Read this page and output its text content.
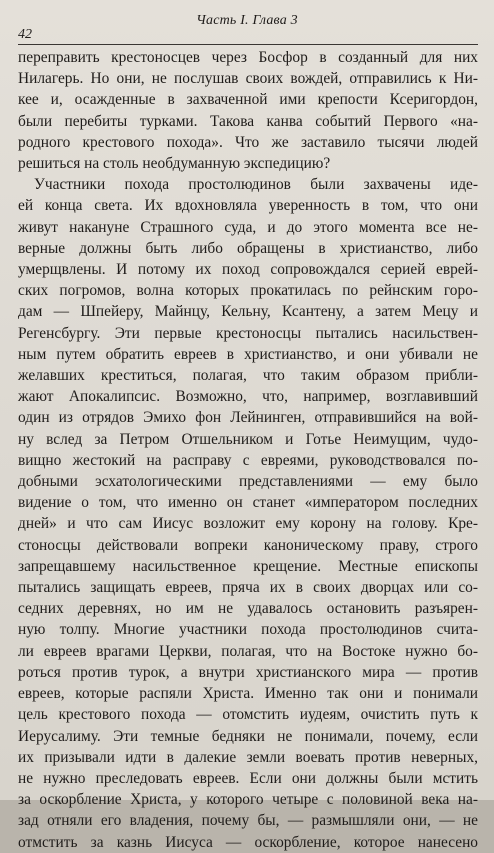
Часть I. Глава 3
42
переправить крестоносцев через Босфор в созданный для них
Нилагерь. Но они, не послушав своих вождей, отправились к Ни-
кее и, осажденные в захваченной ими крепости Ксеригордон,
были перебиты турками. Такова канва событий Первого «на-
родного крестового похода». Что же заставило тысячи людей
решиться на столь необдуманную экспедицию?
Участники похода простолюдинов были захвачены иде-
ей конца света. Их вдохновляла уверенность в том, что они
живут накануне Страшного суда, и до этого момента все не-
верные должны быть либо обращены в христианство, либо
умерщвлены. И потому их поход сопровождался серией еврей-
ских погромов, волна которых прокатилась по рейнским горо-
дам — Шпейеру, Майнцу, Кельну, Ксантену, а затем Мецу и
Регенсбургу. Эти первые крестоносцы пытались насильствен-
ным путем обратить евреев в христианство, и они убивали не
желавших креститься, полагая, что таким образом прибли-
жают Апокалипсис. Возможно, что, например, возглавивший
один из отрядов Эмихо фон Лейнинген, отправившийся на вой-
ну вслед за Петром Отшельником и Готье Неимущим, чудо-
вищно жестокий на расправу с евреями, руководствовался по-
добными эсхатологическими представлениями — ему было
видение о том, что именно он станет «императором последних
дней» и что сам Иисус возложит ему корону на голову. Кре-
стоносцы действовали вопреки каноническому праву, строго
запрещавшему насильственное крещение. Местные епископы
пытались защищать евреев, пряча их в своих дворцах или со-
седних деревнях, но им не удавалось остановить разъярен-
ную толпу. Многие участники похода простолюдинов счита-
ли евреев врагами Церкви, полагая, что на Востоке нужно бо-
роться против турок, а внутри христианского мира — против
евреев, которые распяли Христа. Именно так они и понимали
цель крестового похода — отомстить иудеям, очистить путь к
Иерусалиму. Эти темные бедняки не понимали, почему, если
их призывали идти в далекие земли воевать против неверных,
не нужно преследовать евреев. Если они должны были мстить
за оскорбление Христа, у которого четыре с половиной века на-
зад отняли его владения, почему бы, — размышляли они, — не
отмстить за казнь Иисуса — оскорбление, которое нанесено
